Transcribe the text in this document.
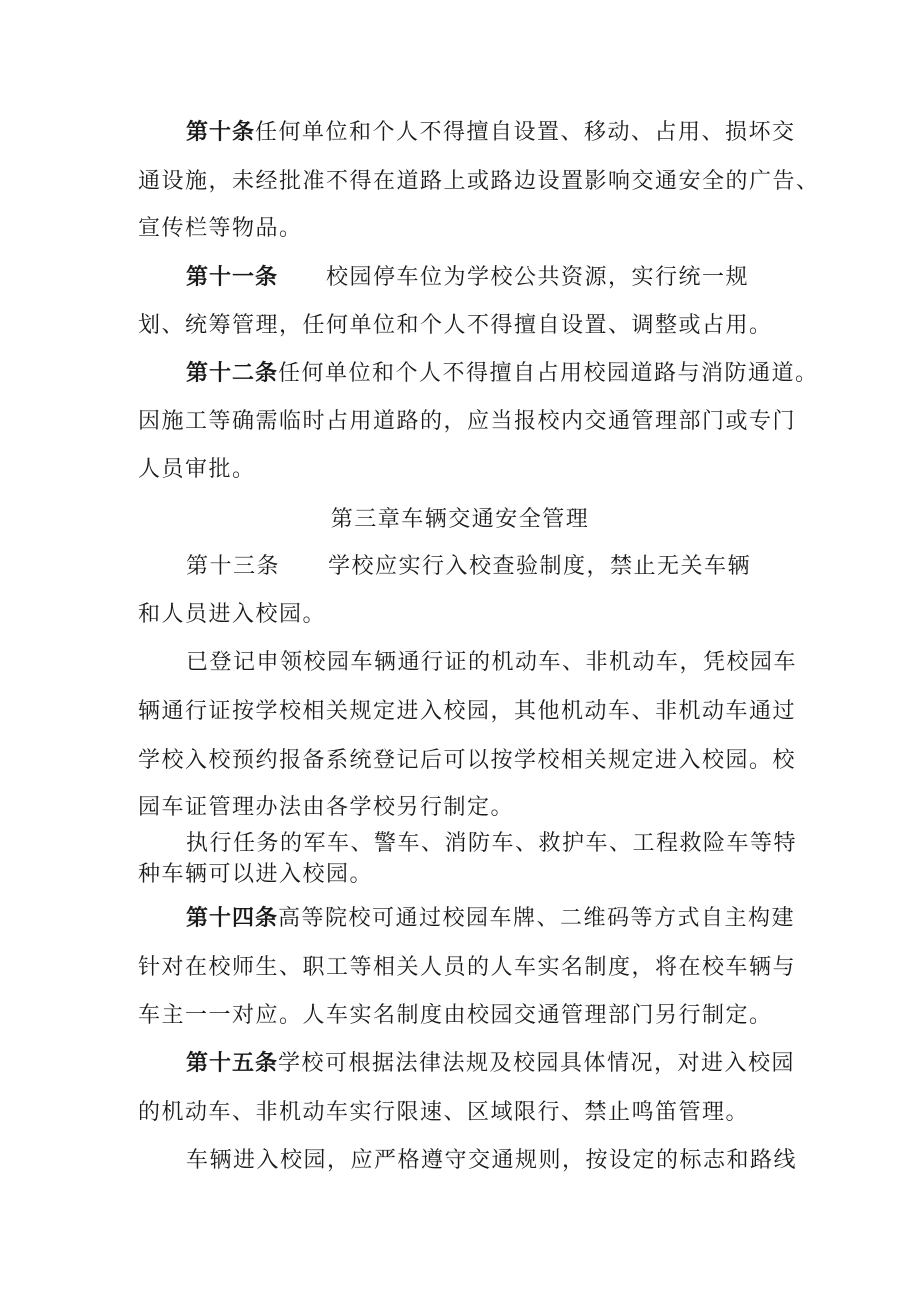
第十条任何单位和个人不得擅自设置、移动、占用、损坏交
通设施，未经批准不得在道路上或路边设置影响交通安全的广告、
宣传栏等物品。
第十一条 校园停车位为学校公共资源，实行统一规
划、统筹管理，任何单位和个人不得擅自设置、调整或占用。
第十二条任何单位和个人不得擅自占用校园道路与消防通道。
因施工等确需临时占用道路的，应当报校内交通管理部门或专门
人员审批。
第三章车辆交通安全管理
第十三条 学校应实行入校查验制度，禁止无关车辆
和人员进入校园。
已登记申领校园车辆通行证的机动车、非机动车，凭校园车
辆通行证按学校相关规定进入校园，其他机动车、非机动车通过
学校入校预约报备系统登记后可以按学校相关规定进入校园。校
园车证管理办法由各学校另行制定。
执行任务的军车、警车、消防车、救护车、工程救险车等特
种车辆可以进入校园。
第十四条高等院校可通过校园车牌、二维码等方式自主构建
针对在校师生、职工等相关人员的人车实名制度，将在校车辆与
车主一一对应。人车实名制度由校园交通管理部门另行制定。
第十五条学校可根据法律法规及校园具体情况，对进入校园
的机动车、非机动车实行限速、区域限行、禁止鸣笛管理。
车辆进入校园，应严格遵守交通规则，按设定的标志和路线
